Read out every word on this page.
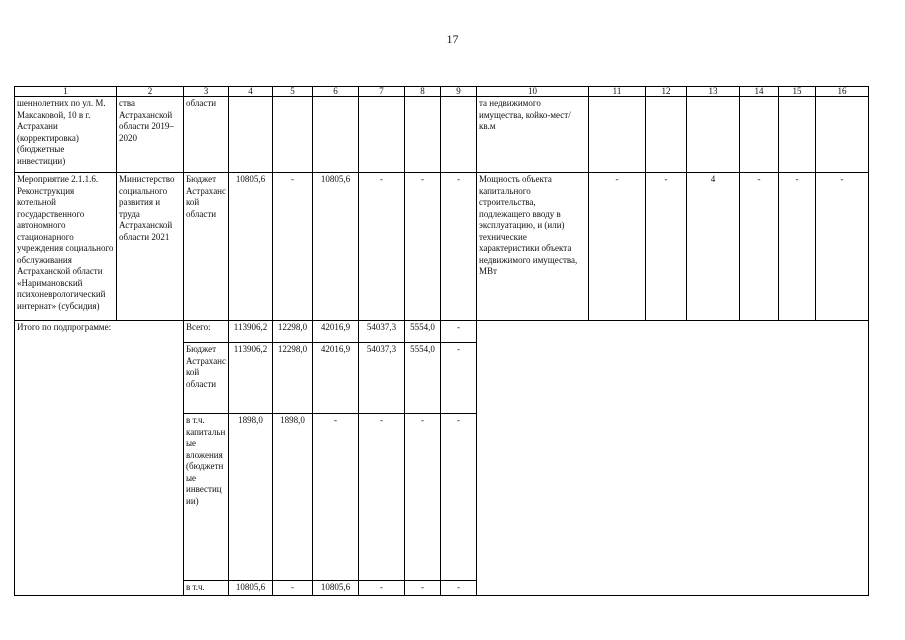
17
1	2	3	4	5	6	7	8	9	10	11	12	13	14	15	16
шеннолетних по ул. М. Максаковой, 10 в г. Астрахани (корректировка) (бюджетные инвестиции)	ства Астраханской области 2019–2020	области							та недвижимого имущества, койко-мест/ кв.м						
Мероприятие 2.1.1.6. Реконструкция котельной государственного автономного стационарного учреждения социального обслуживания Астраханской области «Наримановский психоневрологический интернат» (субсидия)	Министерство социального развития и труда Астраханской области 2021	Бюджет Астраханской области	10805,6	-	10805,6	-	-	-	Мощность объекта капитального строительства, подлежащего вводу в эксплуатацию, и (или) технические характеристики объекта недвижимого имущества, МВт	-	-	4	-	-	-
Итого по подпрограмме:		Всего:	113906,2	12298,0	42016,9	54037,3	5554,0	-							
		Бюджет Астраханской области	113906,2	12298,0	42016,9	54037,3	5554,0	-							
		в т.ч. капитальные вложения (бюджетные инвестиции)	1898,0	1898,0	-	-	-	-							
		в т.ч.	10805,6	-	10805,6	-	-	-							
